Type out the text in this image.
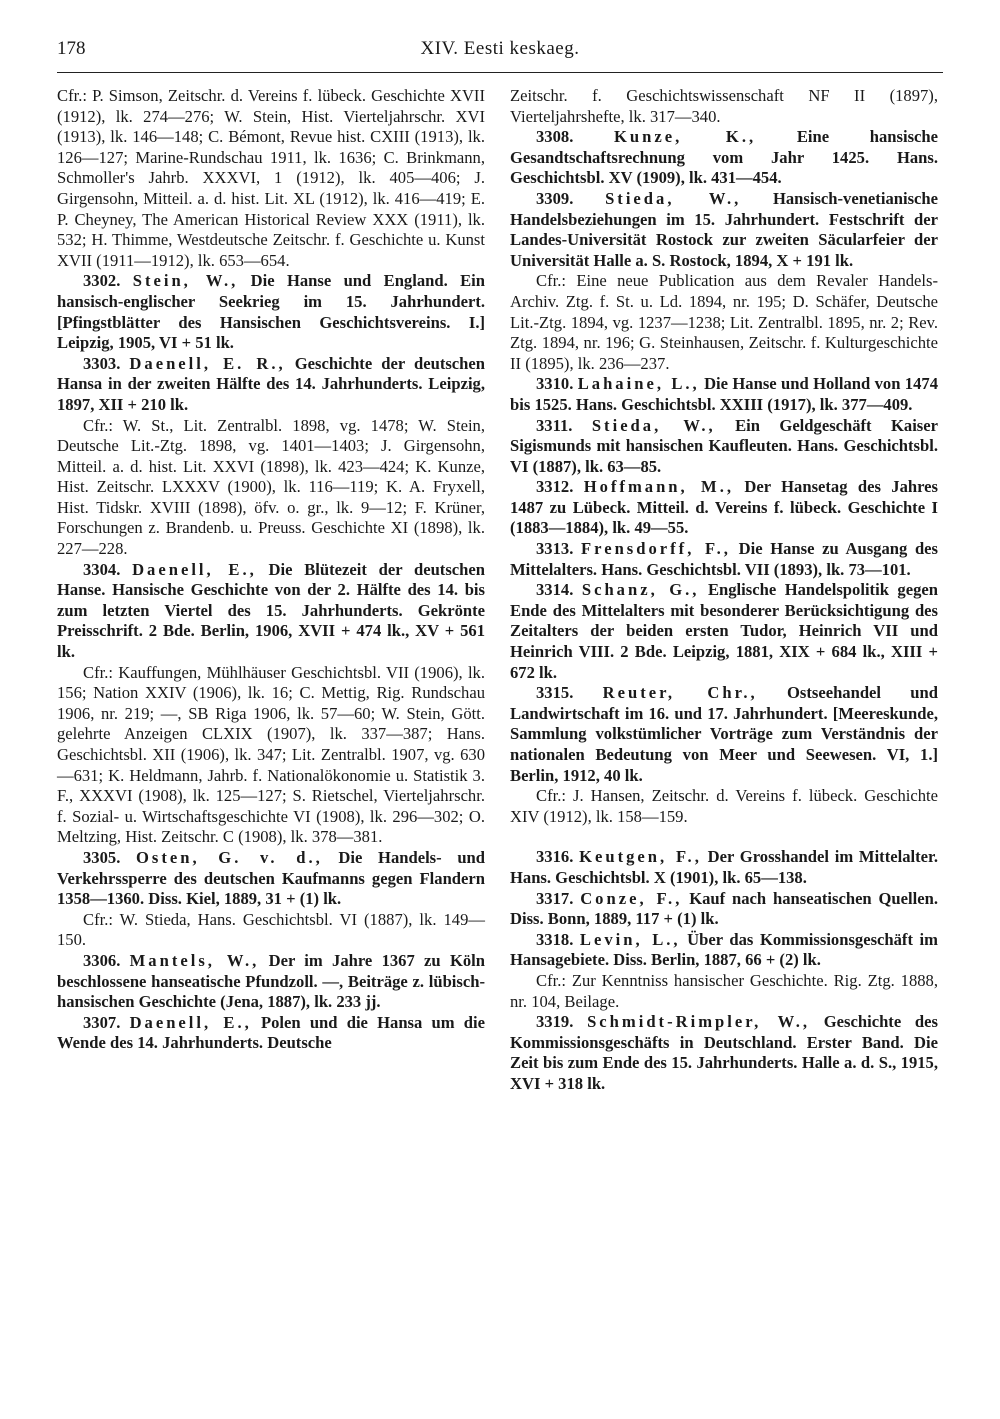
178	XIV. Eesti keskaeg.

Cfr.: P. Simson, Zeitschr. d. Vereins f. lübeck. Geschichte XVII (1912), lk. 274—276; W. Stein, Hist. Vierteljahrschr. XVI (1913), lk. 146—148; C. Bémont, Revue hist. CXIII (1913), lk. 126—127; Marine-Rundschau 1911, lk. 1636; C. Brinkmann, Schmoller's Jahrb. XXXVI, 1 (1912), lk. 405—406; J. Girgensohn, Mitteil. a. d. hist. Lit. XL (1912), lk. 416—419; E. P. Cheyney, The American Historical Review XXX (1911), lk. 532; H. Thimme, Westdeutsche Zeitschr. f. Geschichte u. Kunst XVII (1911—1912), lk. 653—654.

3302. Stein, W., Die Hanse und England. Ein hansisch-englischer Seekrieg im 15. Jahrhundert. [Pfingstblätter des Hansischen Geschichtsvereins. I.] Leipzig, 1905, VI + 51 lk.

3303. Daenell, E. R., Geschichte der deutschen Hansa in der zweiten Hälfte des 14. Jahrhunderts. Leipzig, 1897, XII + 210 lk.

Cfr.: W. St., Lit. Zentralbl. 1898, vg. 1478; W. Stein, Deutsche Lit.-Ztg. 1898, vg. 1401—1403; J. Girgensohn, Mitteil. a. d. hist. Lit. XXVI (1898), lk. 423—424; K. Kunze, Hist. Zeitschr. LXXXV (1900), lk. 116—119; K. A. Fryxell, Hist. Tidskr. XVIII (1898), öfv. o. gr., lk. 9—12; F. Krüner, Forschungen z. Brandenb. u. Preuss. Geschichte XI (1898), lk. 227—228.

3304. Daenell, E., Die Blütezeit der deutschen Hanse. Hansische Geschichte von der 2. Hälfte des 14. bis zum letzten Viertel des 15. Jahrhunderts. Gekrönte Preisschrift. 2 Bde. Berlin, 1906, XVII + 474 lk., XV + 561 lk.

Cfr.: Kauffungen, Mühlhäuser Geschichtsbl. VII (1906), lk. 156; Nation XXIV (1906), lk. 16; C. Mettig, Rig. Rundschau 1906, nr. 219; —, SB Riga 1906, lk. 57—60; W. Stein, Gött. gelehrte Anzeigen CLXIX (1907), lk. 337—387; Hans. Geschichtsbl. XII (1906), lk. 347; Lit. Zentralbl. 1907, vg. 630—631; K. Heldmann, Jahrb. f. Nationalökonomie u. Statistik 3. F., XXXVI (1908), lk. 125—127; S. Rietschel, Vierteljahrschr. f. Sozial- u. Wirtschaftsgeschichte VI (1908), lk. 296—302; O. Meltzing, Hist. Zeitschr. C (1908), lk. 378—381.

3305. Osten, G. v. d., Die Handels- und Verkehrssperre des deutschen Kaufmanns gegen Flandern 1358—1360. Diss. Kiel, 1889, 31 + (1) lk.

Cfr.: W. Stieda, Hans. Geschichtsbl. VI (1887), lk. 149—150.

3306. Mantels, W., Der im Jahre 1367 zu Köln beschlossene hanseatische Pfundzoll. —, Beiträge z. lübisch-hansischen Geschichte (Jena, 1887), lk. 233 jj.

3307. Daenell, E., Polen und die Hansa um die Wende des 14. Jahrhunderts. Deutsche

Zeitschr. f. Geschichtswissenschaft NF II (1897), Vierteljahrshefte, lk. 317—340.

3308. Kunze, K., Eine hansische Gesandtschaftsrechnung vom Jahr 1425. Hans. Geschichtsbl. XV (1909), lk. 431—454.

3309. Stieda, W., Hansisch-venetianische Handelsbeziehungen im 15. Jahrhundert. Festschrift der Landes-Universität Rostock zur zweiten Säcularfeier der Universität Halle a. S. Rostock, 1894, X + 191 lk.

Cfr.: Eine neue Publication aus dem Revaler Handels-Archiv. Ztg. f. St. u. Ld. 1894, nr. 195; D. Schäfer, Deutsche Lit.-Ztg. 1894, vg. 1237—1238; Lit. Zentralbl. 1895, nr. 2; Rev. Ztg. 1894, nr. 196; G. Steinhausen, Zeitschr. f. Kulturgeschichte II (1895), lk. 236—237.

3310. Lahaine, L., Die Hanse und Holland von 1474 bis 1525. Hans. Geschichtsbl. XXIII (1917), lk. 377—409.

3311. Stieda, W., Ein Geldgeschäft Kaiser Sigismunds mit hansischen Kaufleuten. Hans. Geschichtsbl. VI (1887), lk. 63—85.

3312. Hoffmann, M., Der Hansetag des Jahres 1487 zu Lübeck. Mitteil. d. Vereins f. lübeck. Geschichte I (1883—1884), lk. 49—55.

3313. Frensdorff, F., Die Hanse zu Ausgang des Mittelalters. Hans. Geschichtsbl. VII (1893), lk. 73—101.

3314. Schanz, G., Englische Handelspolitik gegen Ende des Mittelalters mit besonderer Berücksichtigung des Zeitalters der beiden ersten Tudor, Heinrich VII und Heinrich VIII. 2 Bde. Leipzig, 1881, XIX + 684 lk., XIII + 672 lk.

3315. Reuter, Chr., Ostseehandel und Landwirtschaft im 16. und 17. Jahrhundert. [Meereskunde, Sammlung volkstümlicher Vorträge zum Verständnis der nationalen Bedeutung von Meer und Seewesen. VI, 1.] Berlin, 1912, 40 lk.

Cfr.: J. Hansen, Zeitschr. d. Vereins f. lübeck. Geschichte XIV (1912), lk. 158—159.

3316. Keutgen, F., Der Grosshandel im Mittelalter. Hans. Geschichtsbl. X (1901), lk. 65—138.

3317. Conze, F., Kauf nach hanseatischen Quellen. Diss. Bonn, 1889, 117 + (1) lk.

3318. Levin, L., Über das Kommissionsgeschäft im Hansagebiete. Diss. Berlin, 1887, 66 + (2) lk.

Cfr.: Zur Kenntniss hansischer Geschichte. Rig. Ztg. 1888, nr. 104, Beilage.

3319. Schmidt-Rimpler, W., Geschichte des Kommissionsgeschäfts in Deutschland. Erster Band. Die Zeit bis zum Ende des 15. Jahrhunderts. Halle a. d. S., 1915, XVI + 318 lk.
